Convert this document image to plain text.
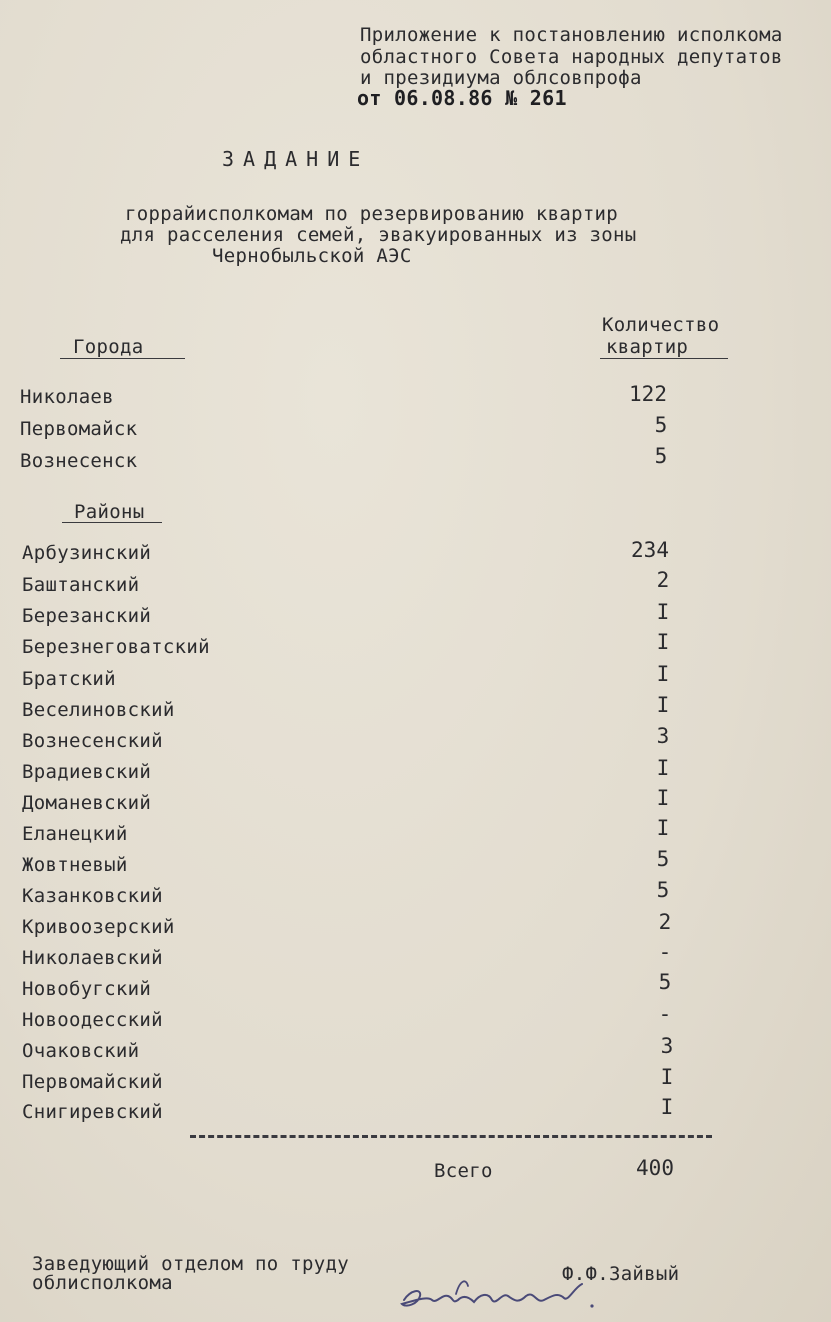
Приложение к постановлению исполкома
областного Совета народных депутатов
и президиума облсовпрофа
от 06.08.86 № 261
ЗАДАНИЕ
горрайисполкомам по резервированию квартир
для расселения семей, эвакуированных из зоны
Чернобыльской АЭС
Города
Количество
квартир
Николаев	122
Первомайск	5
Вознесенск	5
Районы
Арбузинский	234
Баштанский	2
Березанский	I
Березнеговатский	I
Братский	I
Веселиновский	I
Вознесенский	3
Врадиевский	I
Доманевский	I
Еланецкий	I
Жовтневый	5
Казанковский	5
Кривоозерский	2
Николаевский	-
Новобугский	5
Новоодесский	-
Очаковский	3
Первомайский	I
Снигиревский	I
Всего	400
Заведующий отделом по труду
облисполкома	Ф.Ф.Зайвый
